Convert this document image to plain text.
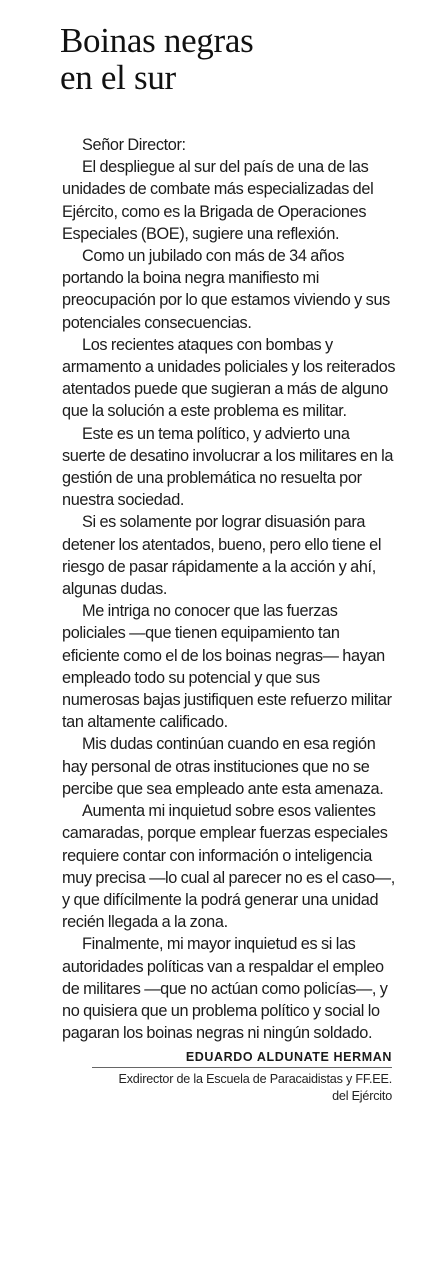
Boinas negras
en el sur

Señor Director:

El despliegue al sur del país de una de las unidades de combate más especializadas del Ejército, como es la Brigada de Operaciones Especiales (BOE), sugiere una reflexión.

Como un jubilado con más de 34 años portando la boina negra manifiesto mi preocupación por lo que estamos viviendo y sus potenciales consecuencias.

Los recientes ataques con bombas y armamento a unidades policiales y los reiterados atentados puede que sugieran a más de alguno que la solución a este problema es militar.

Este es un tema político, y advierto una suerte de desatino involucrar a los militares en la gestión de una problemática no resuelta por nuestra sociedad.

Si es solamente por lograr disuasión para detener los atentados, bueno, pero ello tiene el riesgo de pasar rápidamente a la acción y ahí, algunas dudas.

Me intriga no conocer que las fuerzas policiales —que tienen equipamiento tan eficiente como el de los boinas negras— hayan empleado todo su potencial y que sus numerosas bajas justifiquen este refuerzo militar tan altamente calificado.

Mis dudas continúan cuando en esa región hay personal de otras instituciones que no se percibe que sea empleado ante esta amenaza.

Aumenta mi inquietud sobre esos valientes camaradas, porque emplear fuerzas especiales requiere contar con información o inteligencia muy precisa —lo cual al parecer no es el caso—, y que difícilmente la podrá generar una unidad recién llegada a la zona.

Finalmente, mi mayor inquietud es si las autoridades políticas van a respaldar el empleo de militares —que no actúan como policías—, y no quisiera que un problema político y social lo pagaran los boinas negras ni ningún soldado.

EDUARDO ALDUNATE HERMAN
Exdirector de la Escuela de Paracaidistas y FF.EE.
del Ejército
